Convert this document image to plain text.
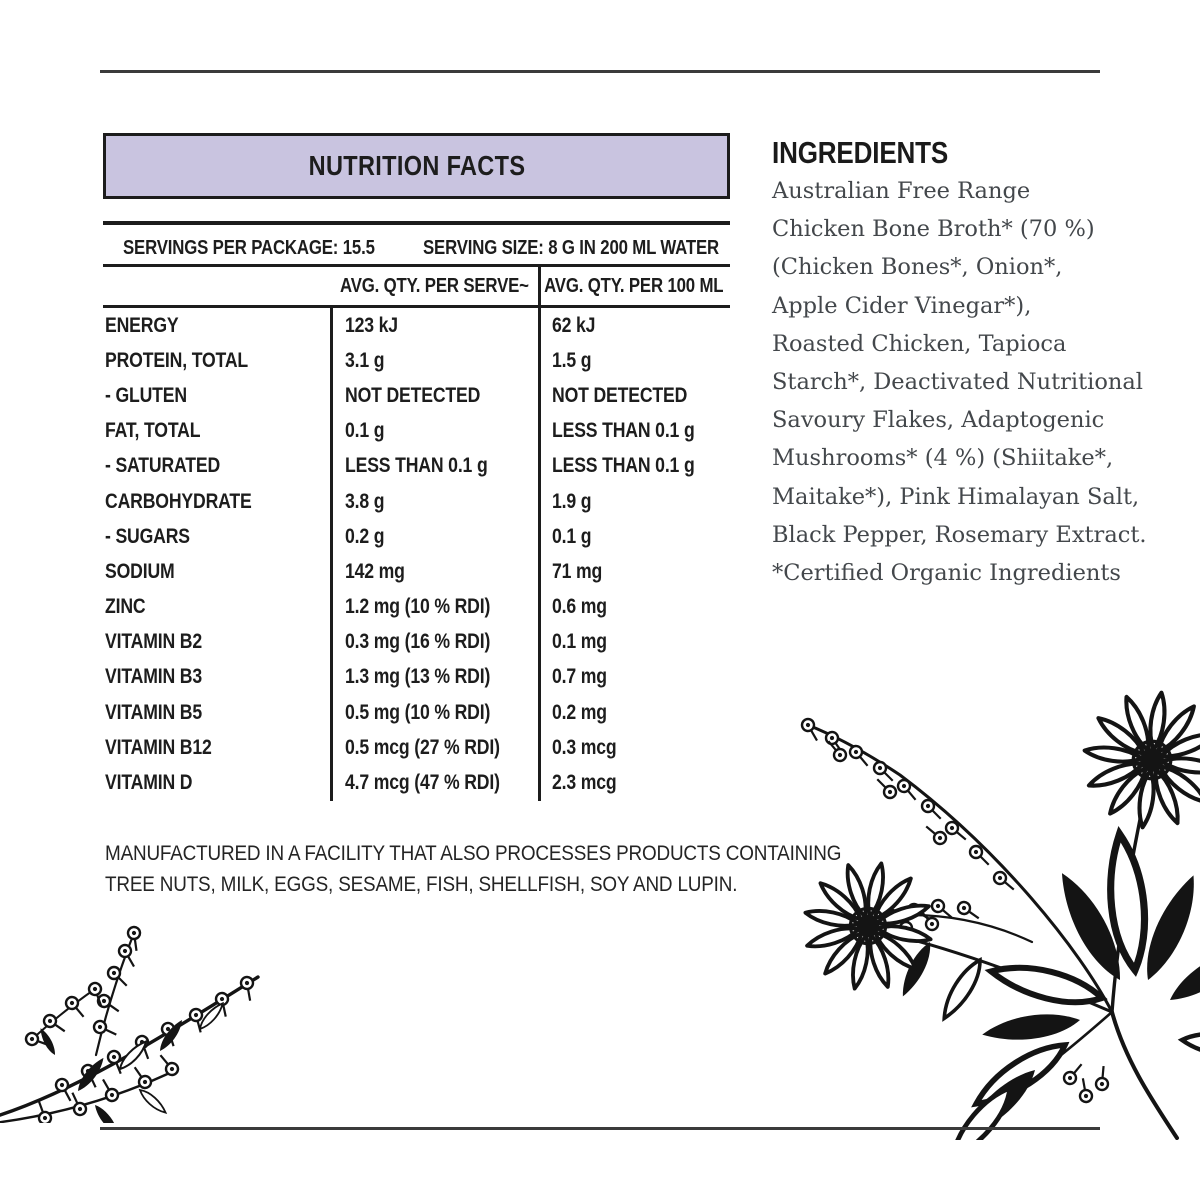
NUTRITION FACTS
SERVINGS PER PACKAGE: 15.5 SERVING SIZE: 8 G IN 200 ML WATER
AVG. QTY. PER SERVE~ AVG. QTY. PER 100 ML
ENERGY	123 kJ	62 kJ
PROTEIN, TOTAL	3.1 g	1.5 g
- GLUTEN	NOT DETECTED	NOT DETECTED
FAT, TOTAL	0.1 g	LESS THAN 0.1 g
- SATURATED	LESS THAN 0.1 g	LESS THAN 0.1 g
CARBOHYDRATE	3.8 g	1.9 g
- SUGARS	0.2 g	0.1 g
SODIUM	142 mg	71 mg
ZINC	1.2 mg (10 % RDI)	0.6 mg
VITAMIN B2	0.3 mg (16 % RDI)	0.1 mg
VITAMIN B3	1.3 mg (13 % RDI)	0.7 mg
VITAMIN B5	0.5 mg (10 % RDI)	0.2 mg
VITAMIN B12	0.5 mcg (27 % RDI)	0.3 mcg
VITAMIN D	4.7 mcg (47 % RDI)	2.3 mcg
MANUFACTURED IN A FACILITY THAT ALSO PROCESSES PRODUCTS CONTAINING
TREE NUTS, MILK, EGGS, SESAME, FISH, SHELLFISH, SOY AND LUPIN.
INGREDIENTS
Australian Free Range
Chicken Bone Broth* (70 %)
(Chicken Bones*, Onion*,
Apple Cider Vinegar*),
Roasted Chicken, Tapioca
Starch*, Deactivated Nutritional
Savoury Flakes, Adaptogenic
Mushrooms* (4 %) (Shiitake*,
Maitake*), Pink Himalayan Salt,
Black Pepper, Rosemary Extract.
*Certified Organic Ingredients
